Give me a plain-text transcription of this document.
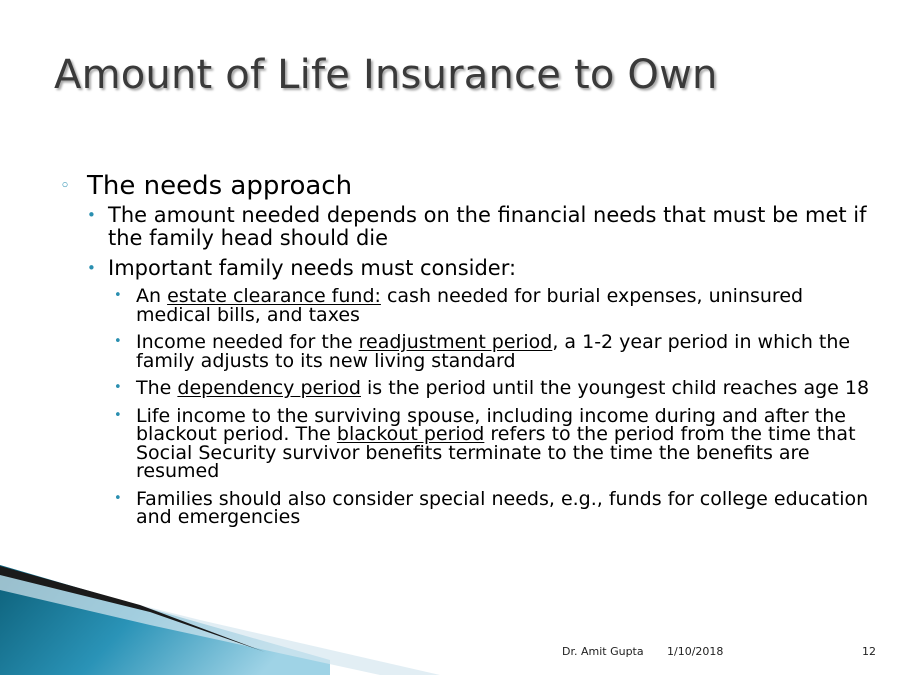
Amount of Life Insurance to Own
◦ The needs approach
• The amount needed depends on the financial needs that must be met if the family head should die
• Important family needs must consider:
• An estate clearance fund: cash needed for burial expenses, uninsured medical bills, and taxes
• Income needed for the readjustment period, a 1-2 year period in which the family adjusts to its new living standard
• The dependency period is the period until the youngest child reaches age 18
• Life income to the surviving spouse, including income during and after the blackout period. The blackout period refers to the period from the time that Social Security survivor benefits terminate to the time the benefits are resumed
• Families should also consider special needs, e.g., funds for college education and emergencies
Dr. Amit Gupta 1/10/2018	12
